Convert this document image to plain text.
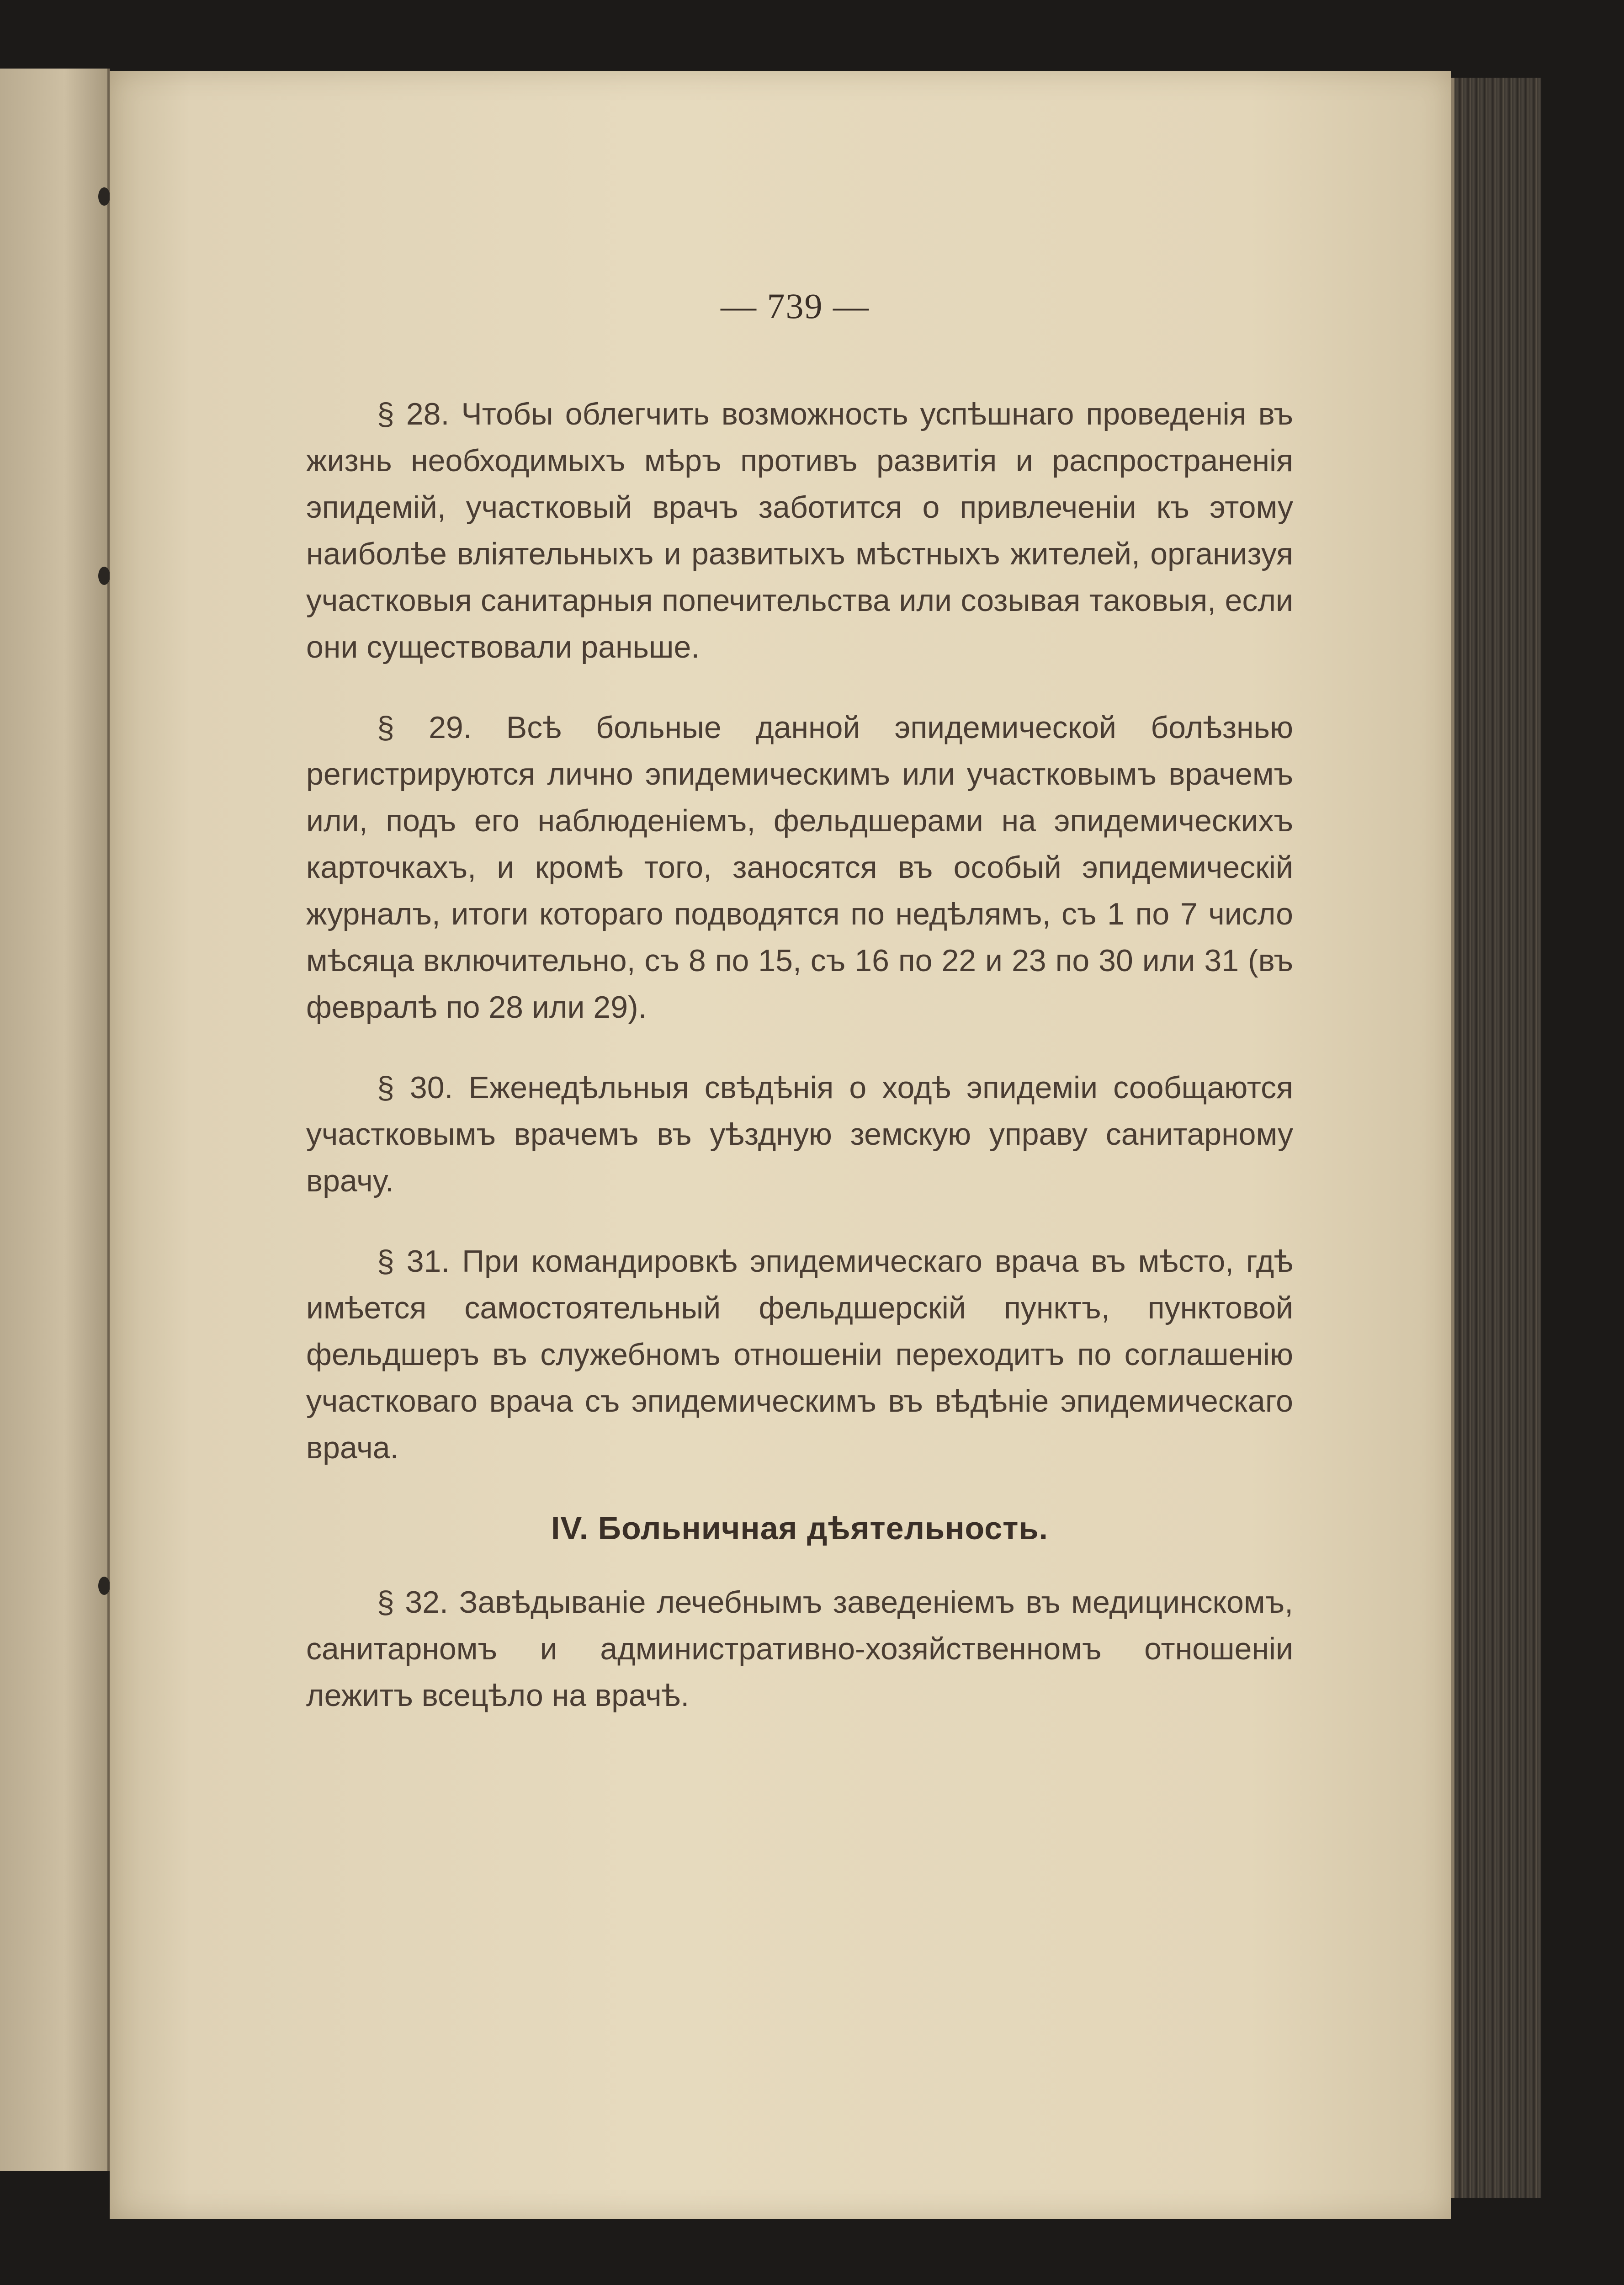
— 739 —

§ 28. Чтобы облегчить возможность успѣшнаго проведенія въ жизнь необходимыхъ мѣръ противъ развитія и распространенія эпидемій, участковый врачъ заботится о привлеченіи къ этому наиболѣе вліятельныхъ и развитыхъ мѣстныхъ жителей, организуя участковыя санитарныя попечительства или созывая таковыя, если они существовали раньше.

§ 29. Всѣ больные данной эпидемической болѣзнью регистрируются лично эпидемическимъ или участковымъ врачемъ или, подъ его наблюденіемъ, фельдшерами на эпидемическихъ карточкахъ, и кромѣ того, заносятся въ особый эпидемическій журналъ, итоги котораго подводятся по недѣлямъ, съ 1 по 7 число мѣсяца включительно, съ 8 по 15, съ 16 по 22 и 23 по 30 или 31 (въ февралѣ по 28 или 29).

§ 30. Еженедѣльныя свѣдѣнія о ходѣ эпидеміи сообщаются участковымъ врачемъ въ уѣздную земскую управу санитарному врачу.

§ 31. При командировкѣ эпидемическаго врача въ мѣсто, гдѣ имѣется самостоятельный фельдшерскій пунктъ, пунктовой фельдшеръ въ служебномъ отношеніи переходитъ по соглашенію участковаго врача съ эпидемическимъ въ вѣдѣніе эпидемическаго врача.

IV. Больничная дѣятельность.

§ 32. Завѣдываніе лечебнымъ заведеніемъ въ медицинскомъ, санитарномъ и административно-хозяйственномъ отношеніи лежитъ всецѣло на врачѣ.
